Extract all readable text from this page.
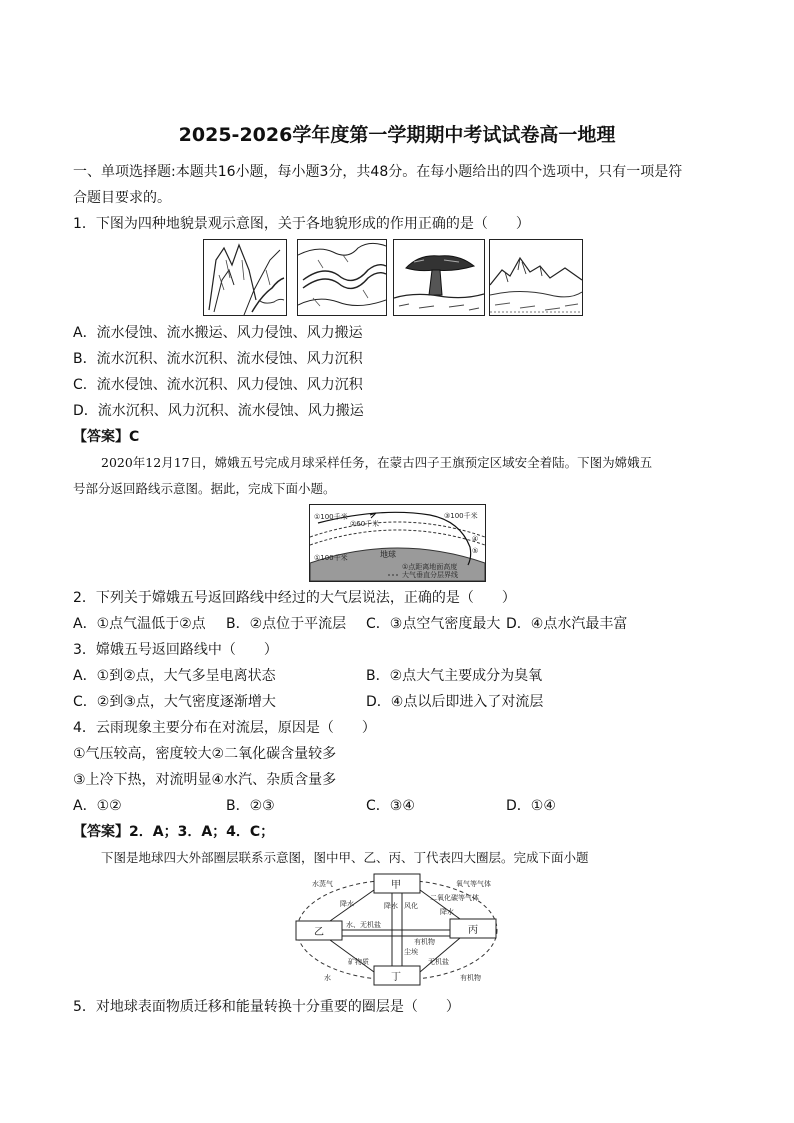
2025-2026学年度第一学期期中考试试卷高一地理
一、单项选择题:本题共16小题，每小题3分，共48分。在每小题给出的四个选项中，只有一项是符
合题目要求的。
1．下图为四种地貌景观示意图，关于各地貌形成的作用正确的是（　　）
A．流水侵蚀、流水搬运、风力侵蚀、风力搬运
B．流水沉积、流水沉积、流水侵蚀、风力沉积
C．流水侵蚀、流水沉积、风力侵蚀、风力沉积
D．流水沉积、风力沉积、流水侵蚀、风力搬运
【答案】C
2020年12月17日，嫦娥五号完成月球采样任务，在蒙古四子王旗预定区域安全着陆。下图为嫦娥五
号部分返回路线示意图。据此，完成下面小题。
地球
①100千米
②60千米
③100千米
④
⑤
①100千米
①点距离地面高度
大气垂直分层界线
2．下列关于嫦娥五号返回路线中经过的大气层说法，正确的是（　　）
A．①点气温低于②点 B．②点位于平流层 C．③点空气密度最大 D．④点水汽最丰富
3．嫦娥五号返回路线中（　　）
A．①到②点，大气多呈电离状态	B．②点大气主要成分为臭氧
C．②到③点，大气密度逐渐增大	D．④点以后即进入了对流层
4．云雨现象主要分布在对流层，原因是（　　）
①气压较高，密度较大②二氧化碳含量较多
③上冷下热，对流明显④水汽、杂质含量多
A．①②	B．②③	C．③④	D．①④
【答案】2．A；3．A；4．C；
下图是地球四大外部圈层联系示意图，图中甲、乙、丙、丁代表四大圈层。完成下面小题
甲
乙	丙
丁
水蒸气
降水	降水 风化
降水
氧气等气体
二氧化碳等气体
水、无机盐
有机物
尘埃
矿物质	无机盐
水	有机物
5．对地球表面物质迁移和能量转换十分重要的圈层是（　　）
